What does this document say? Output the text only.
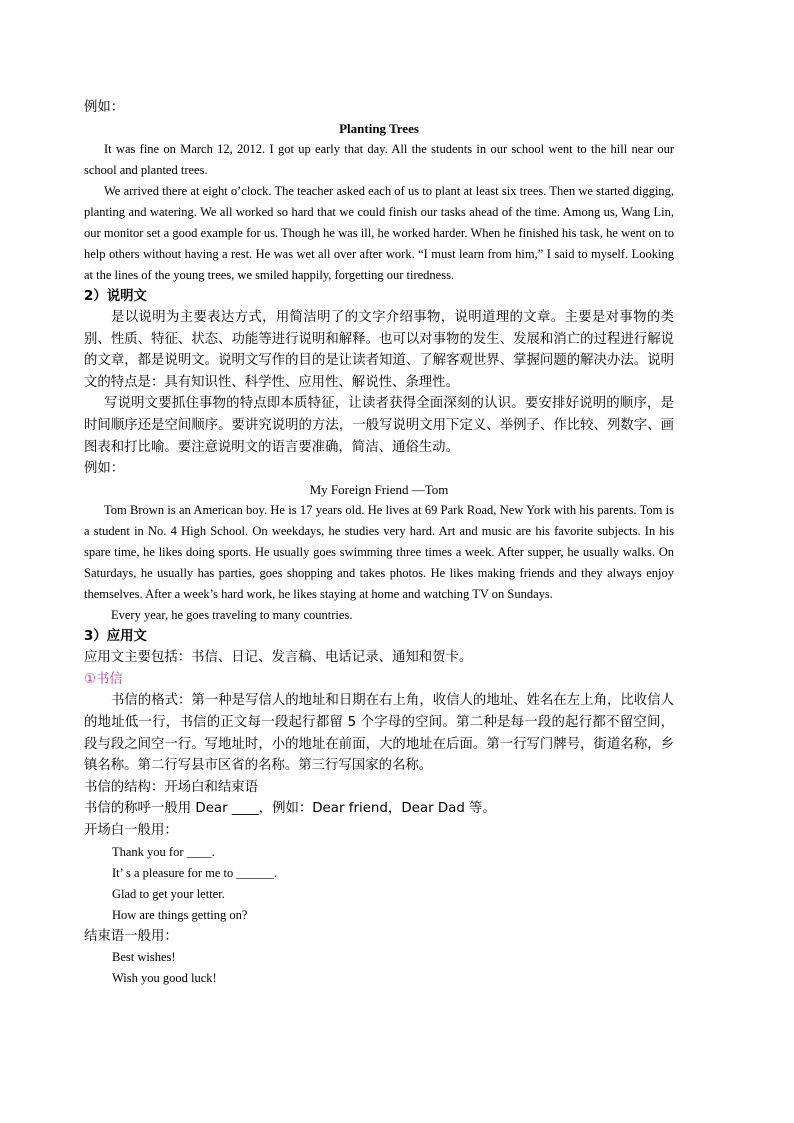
例如：

Planting Trees

It was fine on March 12, 2012. I got up early that day. All the students in our school went to the hill near our school and planted trees.

We arrived there at eight o’clock. The teacher asked each of us to plant at least six trees. Then we started digging, planting and watering. We all worked so hard that we could finish our tasks ahead of the time. Among us, Wang Lin, our monitor set a good example for us. Though he was ill, he worked harder. When he finished his task, he went on to help others without having a rest. He was wet all over after work. “I must learn from him,” I said to myself. Looking at the lines of the young trees, we smiled happily, forgetting our tiredness.

2）说明文

是以说明为主要表达方式，用简洁明了的文字介绍事物，说明道理的文章。主要是对事物的类别、性质、特征、状态、功能等进行说明和解释。也可以对事物的发生、发展和消亡的过程进行解说的文章，都是说明文。说明文写作的目的是让读者知道、了解客观世界、掌握问题的解决办法。说明文的特点是：具有知识性、科学性、应用性、解说性、条理性。

写说明文要抓住事物的特点即本质特征，让读者获得全面深刻的认识。要安排好说明的顺序，是时间顺序还是空间顺序。要讲究说明的方法，一般写说明文用下定义、举例子、作比较、列数字、画图表和打比喻。要注意说明文的语言要准确，简洁、通俗生动。

例如：

My Foreign Friend —Tom

Tom Brown is an American boy. He is 17 years old. He lives at 69 Park Road, New York with his parents. Tom is a student in No. 4 High School. On weekdays, he studies very hard. Art and music are his favorite subjects. In his spare time, he likes doing sports. He usually goes swimming three times a week. After supper, he usually walks. On Saturdays, he usually has parties, goes shopping and takes photos. He likes making friends and they always enjoy themselves. After a week’s hard work, he likes staying at home and watching TV on Sundays.

Every year, he goes traveling to many countries.

3）应用文

应用文主要包括：书信、日记、发言稿、电话记录、通知和贺卡。

①书信

书信的格式：第一种是写信人的地址和日期在右上角，收信人的地址、姓名在左上角，比收信人的地址低一行，书信的正文每一段起行都留 5 个字母的空间。第二种是每一段的起行都不留空间，段与段之间空一行。写地址时，小的地址在前面，大的地址在后面。第一行写门牌号，街道名称，乡镇名称。第二行写县市区省的名称。第三行写国家的名称。

书信的结构：开场白和结束语

书信的称呼一般用 Dear ____，例如：Dear friend，Dear Dad 等。

开场白一般用：

Thank you for ____.

It’ s a pleasure for me to ______.

Glad to get your letter.

How are things getting on?

结束语一般用：

Best wishes!

Wish you good luck!
